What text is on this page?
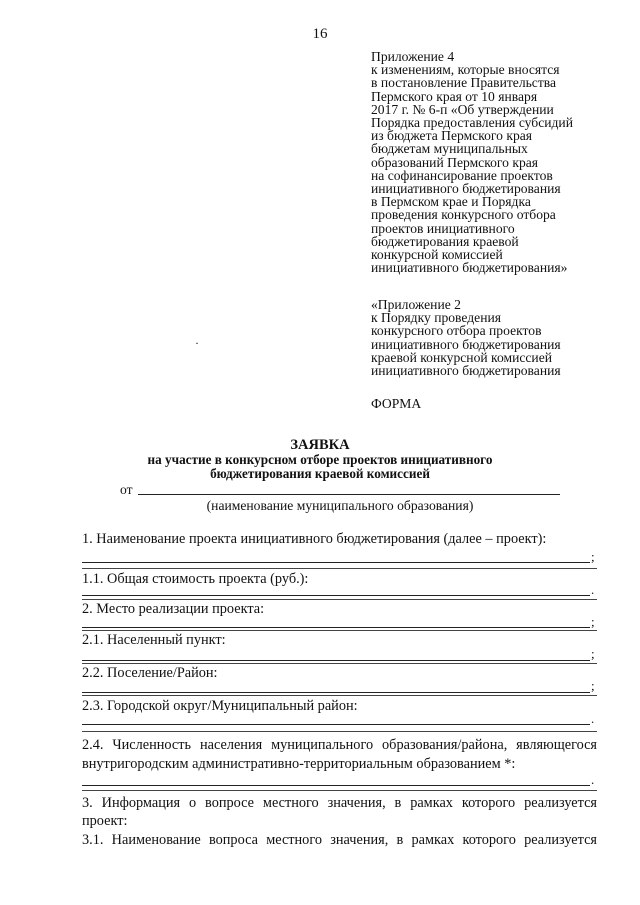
16
Приложение 4
к изменениям, которые вносятся
в постановление Правительства
Пермского края от 10 января
2017 г. № 6-п «Об утверждении
Порядка предоставления субсидий
из бюджета Пермского края
бюджетам муниципальных
образований Пермского края
на софинансирование проектов
инициативного бюджетирования
в Пермском крае и Порядка
проведения конкурсного отбора
проектов инициативного
бюджетирования краевой
конкурсной комиссией
инициативного бюджетирования»
«Приложение 2
к Порядку проведения
конкурсного отбора проектов
инициативного бюджетирования
краевой конкурсной комиссией
инициативного бюджетирования
·
ФОРМА
ЗАЯВКА
на участие в конкурсном отборе проектов инициативного
бюджетирования краевой комиссией
от
(наименование муниципального образования)
1. Наименование проекта инициативного бюджетирования (далее – проект):
;
1.1. Общая стоимость проекта (руб.):
.
2. Место реализации проекта:
;
2.1. Населенный пункт:
;
2.2. Поселение/Район:
;
2.3. Городской округ/Муниципальный район:
.
2.4. Численность населения муниципального образования/района, являющегося
внутригородским административно-территориальным образованием *:
.
3. Информация о вопросе местного значения, в рамках которого реализуется
проект:
3.1. Наименование вопроса местного значения, в рамках которого реализуется
